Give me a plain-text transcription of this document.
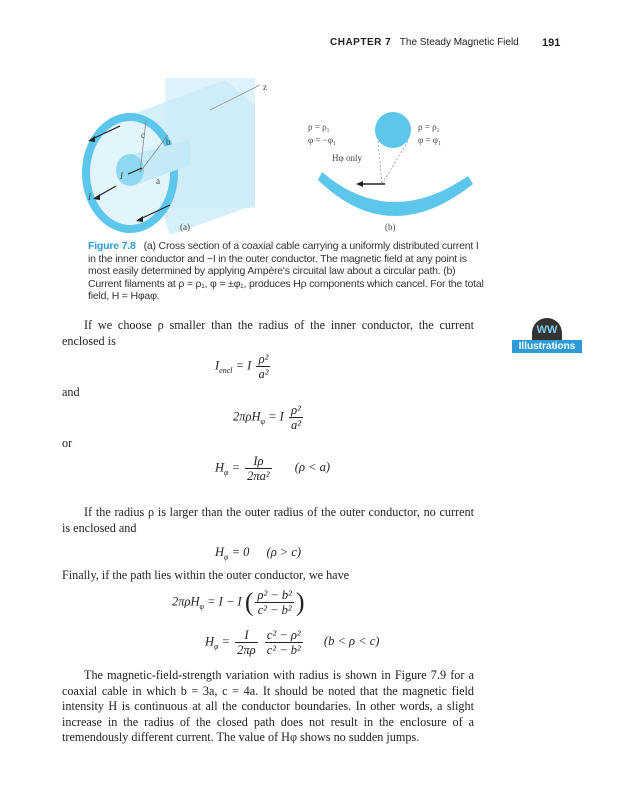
CHAPTER 7 The Steady Magnetic Field 191
z
c
b
a
I
I
(a)
ρ = ρ₁
φ = −φ₁
ρ = ρ₁
φ = φ₁
Hφ only
(b)
Figure 7.8 (a) Cross section of a coaxial cable carrying a uniformly distributed current I in the inner conductor and −I in the outer conductor. The magnetic field at any point is most easily determined by applying Ampère's circuital law about a circular path. (b) Current filaments at ρ = ρ₁, φ = ±φ₁, produces Hρ components which cancel. For the total field, H = Hφaφ.
WW
Illustrations
If we choose ρ smaller than the radius of the inner conductor, the current enclosed is
$I_{encl} = I \frac{\text{ρ²}}{\text{a²}}$
and
2πρH$_\varphi$ = I $\frac{\text{ρ²}}{\text{a²}}$
or
$H_\varphi = \frac{I\rho}{\text{2πa²}} (\rho < a)$
If the radius ρ is larger than the outer radius of the outer conductor, no current is enclosed and
$H_\varphi = 0$ (ρ > c)
Finally, if the path lies within the outer conductor, we have
2πρH$_\varphi$ = I − I ( $\frac{\text{ρ² − b²}}{\text{c² − b²}}$ )
$H_\varphi = \frac{I}{2\pi\rho}$
$\frac{\text{c² − ρ²}}{\text{c² − b²}} (b < \rho < c)$
The magnetic-field-strength variation with radius is shown in Figure 7.9 for a coaxial cable in which b = 3a, c = 4a. It should be noted that the magnetic field intensity H is continuous at all the conductor boundaries. In other words, a slight increase in the radius of the closed path does not result in the enclosure of a tremendously different current. The value of Hφ shows no sudden jumps.
